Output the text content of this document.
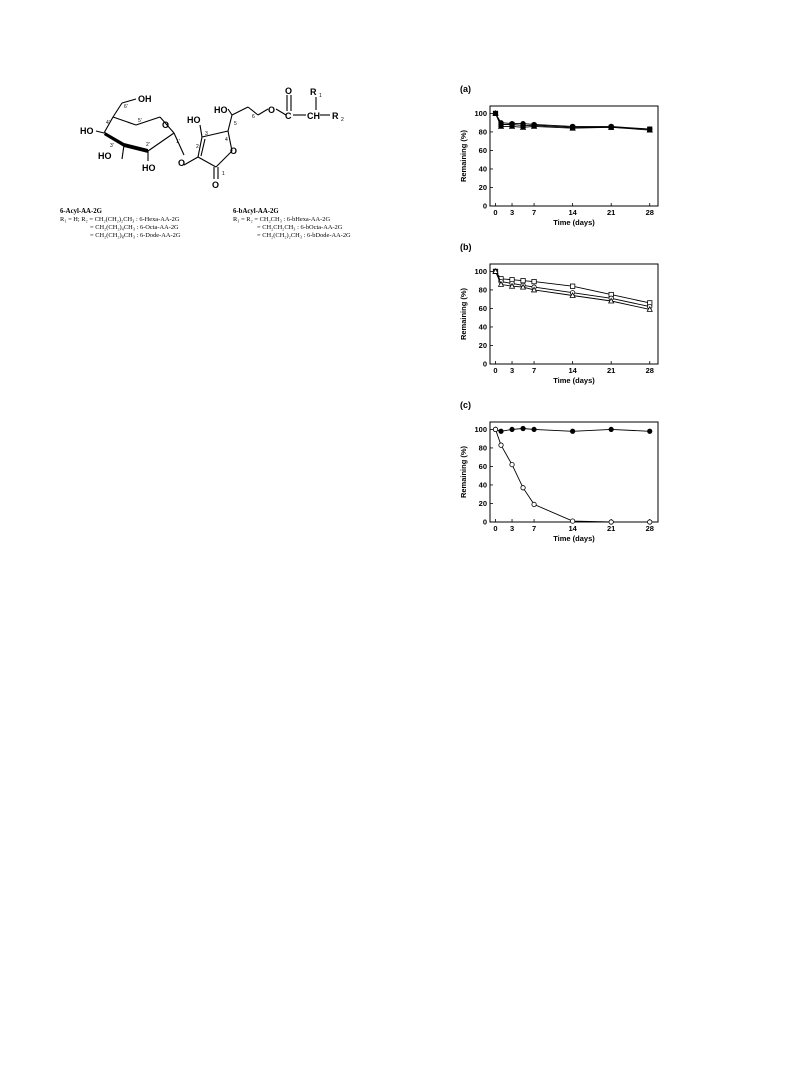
OH
HO
HO
HO
O
O
HO
O
O
HO	O
C
O
CH
R
R
1
2
6'
5'
4'
3'	2'	1'
2
3
4
1
5
6
6-Acyl-AA-2G
R₁ = H; R₂ = CH₂(CH₂)₂CH₃ : 6-Hexa-AA-2G
= CH₂(CH₂)₄CH₃ : 6-Octa-AA-2G
= CH₂(CH₂)₈CH₃ : 6-Dode-AA-2G
6-bAcyl-AA-2G
R₁ = R₂ = CH₂CH₃ : 6-bHexa-AA-2G
= CH₂CH₂CH₃ : 6-bOcta-AA-2G
= CH₂(CH₂)₂CH₃ : 6-bDode-AA-2G
(a)
0
20
40
60
80
100
0 3 7	14	21	28
Time (days)
Remaining (%)
(b)
0
20
40
60
80
100
0 3 7	14	21	28
Time (days)
Remaining (%)
(c)
0
20
40
60
80
100
0 3 7	14	21	28
Time (days)
Remaining (%)
